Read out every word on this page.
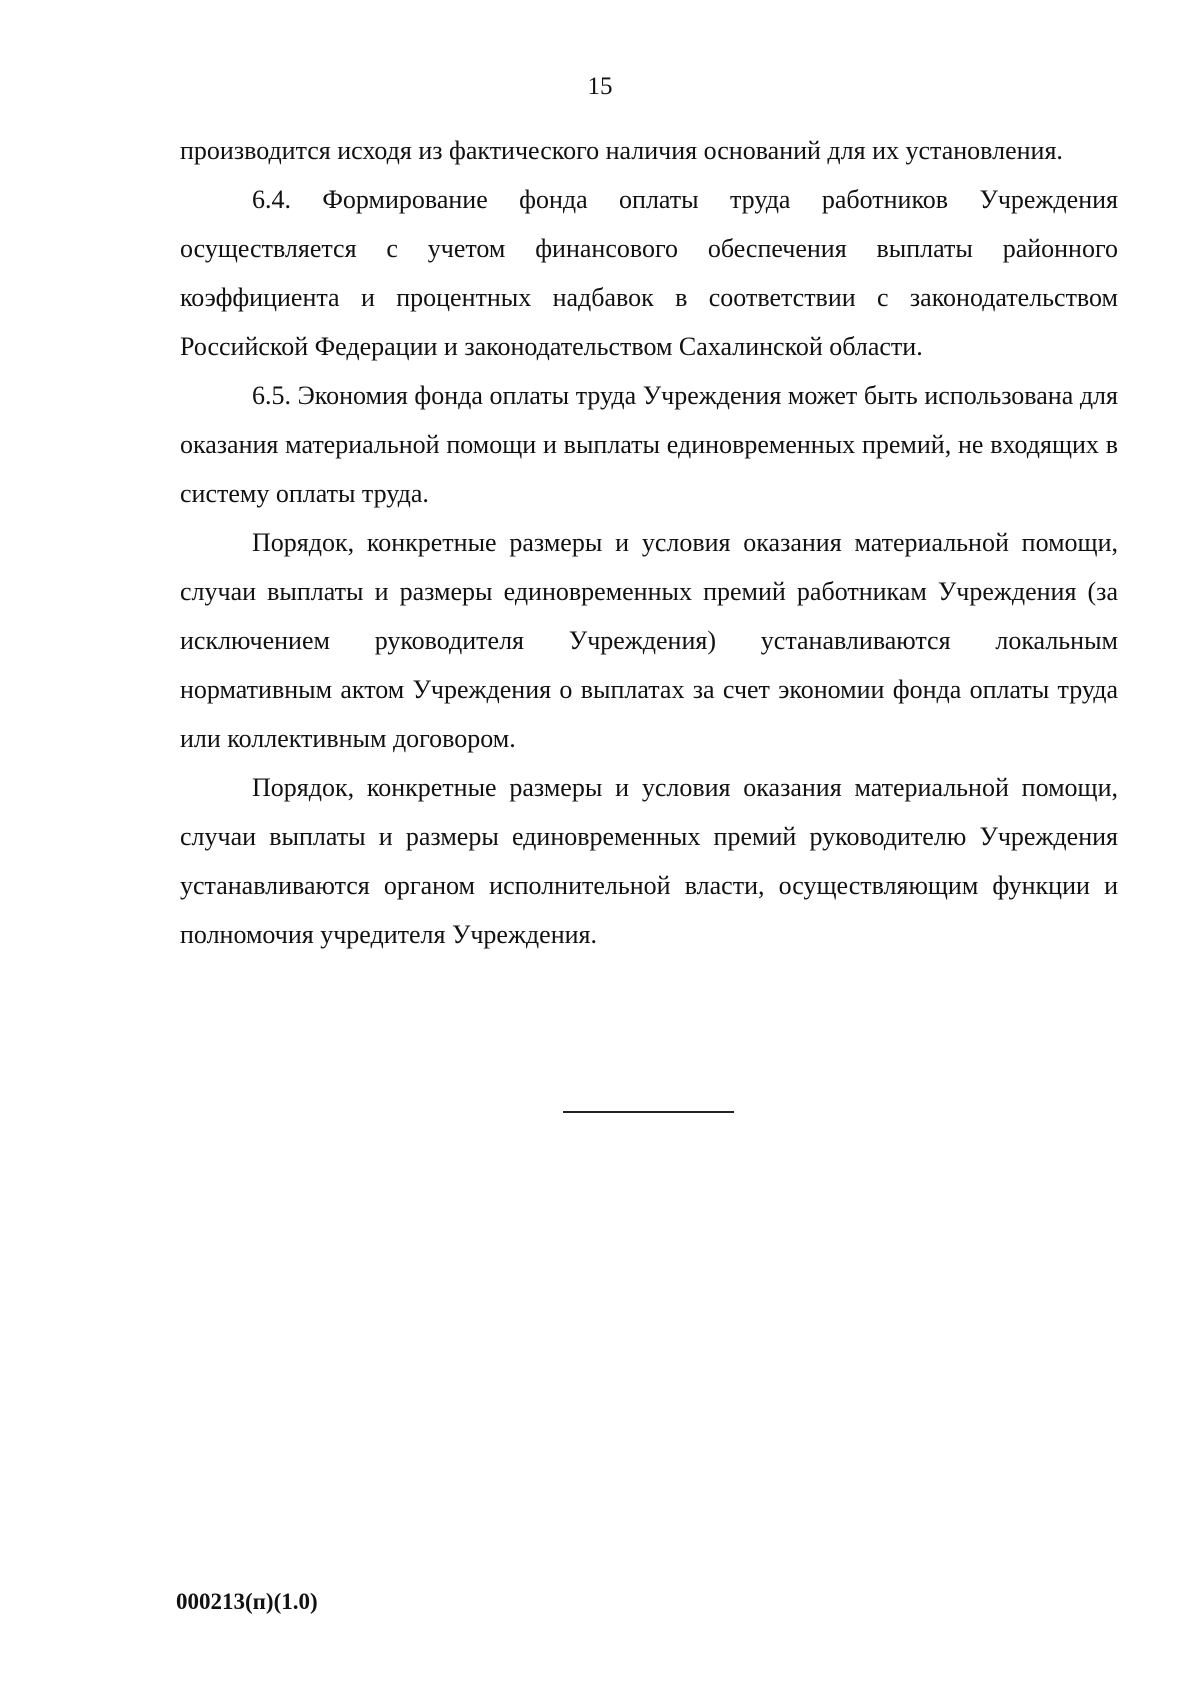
15

производится исходя из фактического наличия оснований для их установления.

6.4. Формирование фонда оплаты труда работников Учреждения осуществляется с учетом финансового обеспечения выплаты районного коэффициента и процентных надбавок в соответствии с законодательством Российской Федерации и законодательством Сахалинской области.

6.5. Экономия фонда оплаты труда Учреждения может быть использована для оказания материальной помощи и выплаты единовременных премий, не входящих в систему оплаты труда.

Порядок, конкретные размеры и условия оказания материальной помощи, случаи выплаты и размеры единовременных премий работникам Учреждения (за исключением руководителя Учреждения) устанавливаются локальным нормативным актом Учреждения о выплатах за счет экономии фонда оплаты труда или коллективным договором.

Порядок, конкретные размеры и условия оказания материальной помощи, случаи выплаты и размеры единовременных премий руководителю Учреждения устанавливаются органом исполнительной власти, осуществляющим функции и полномочия учредителя Учреждения.

000213(п)(1.0)
